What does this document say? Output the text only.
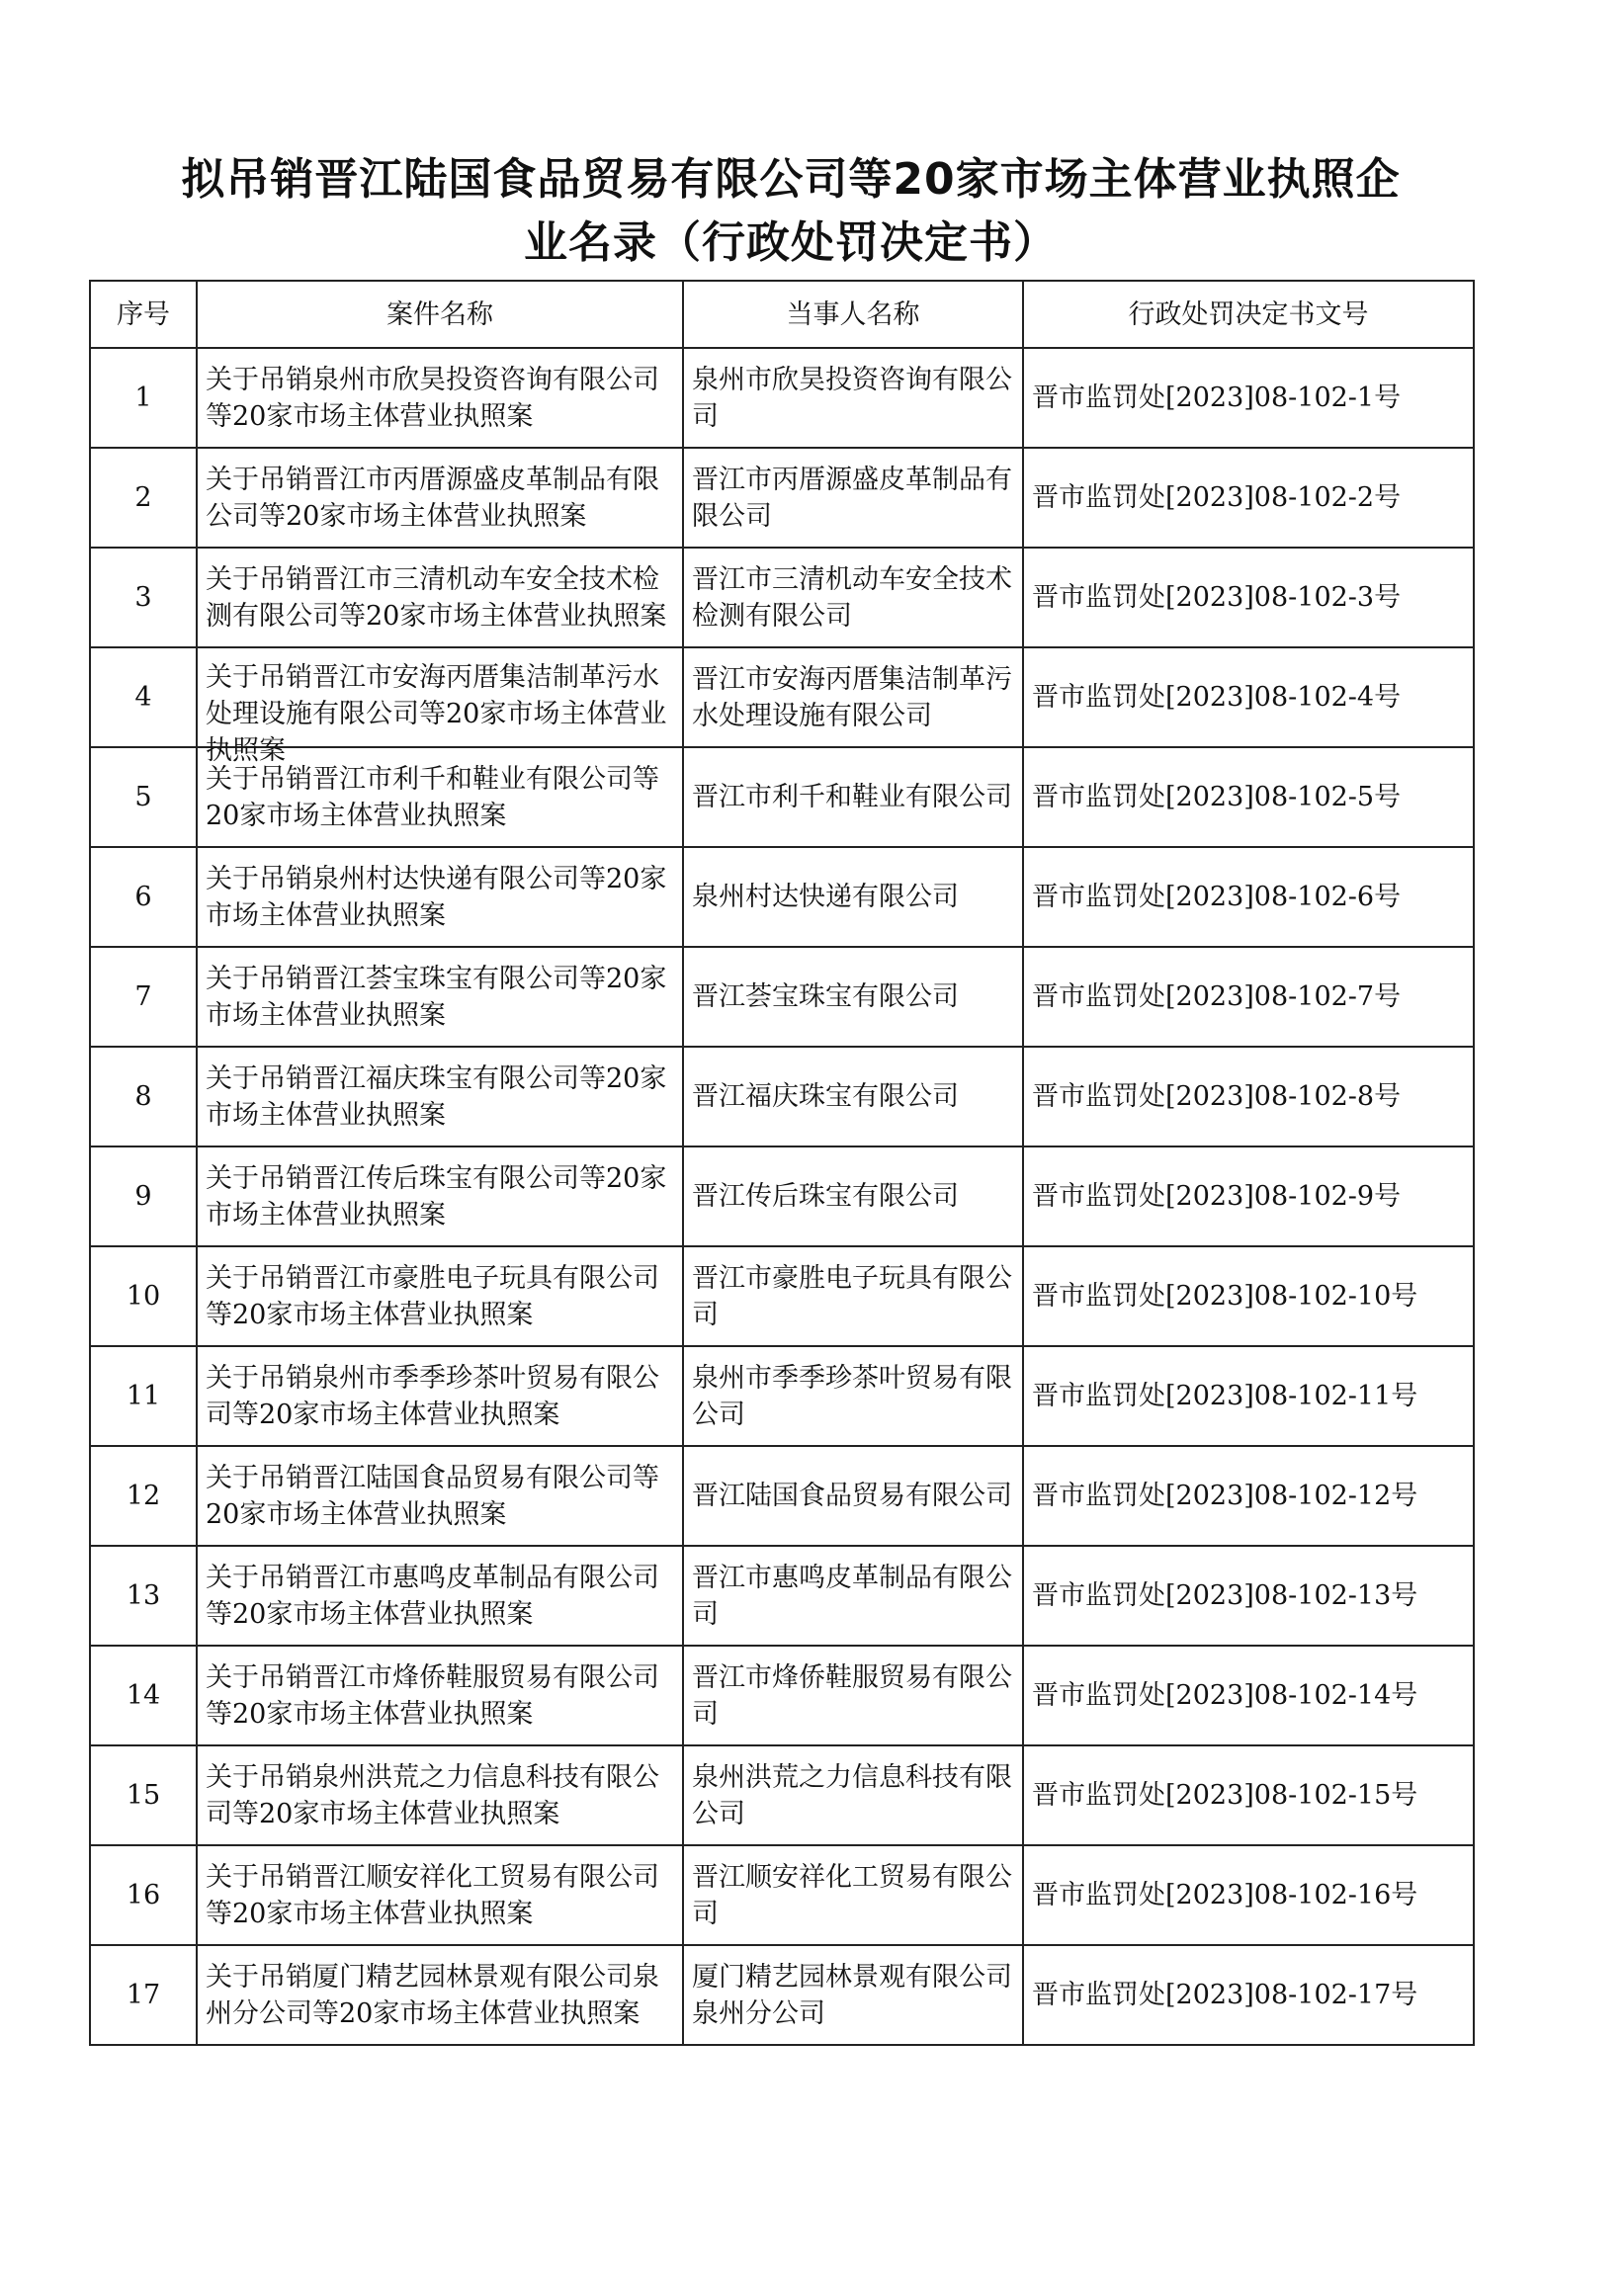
拟吊销晋江陆国食品贸易有限公司等20家市场主体营业执照企
业名录（行政处罚决定书）
序号	案件名称	当事人名称	行政处罚决定书文号

1	关于吊销泉州市欣昊投资咨询有限公司等20家市场主体营业执照案	泉州市欣昊投资咨询有限公司	晋市监罚处[2023]08-102-1号

2	关于吊销晋江市丙厝源盛皮革制品有限公司等20家市场主体营业执照案	晋江市丙厝源盛皮革制品有限公司	晋市监罚处[2023]08-102-2号

3	关于吊销晋江市三清机动车安全技术检测有限公司等20家市场主体营业执照案	晋江市三清机动车安全技术检测有限公司	晋市监罚处[2023]08-102-3号

4	关于吊销晋江市安海丙厝集洁制革污水处理设施有限公司等20家市场主体营业执照案	晋江市安海丙厝集洁制革污水处理设施有限公司	晋市监罚处[2023]08-102-4号

5	关于吊销晋江市利千和鞋业有限公司等20家市场主体营业执照案	晋江市利千和鞋业有限公司	晋市监罚处[2023]08-102-5号

6	关于吊销泉州村达快递有限公司等20家市场主体营业执照案	泉州村达快递有限公司	晋市监罚处[2023]08-102-6号

7	关于吊销晋江荟宝珠宝有限公司等20家市场主体营业执照案	晋江荟宝珠宝有限公司	晋市监罚处[2023]08-102-7号

8	关于吊销晋江福庆珠宝有限公司等20家市场主体营业执照案	晋江福庆珠宝有限公司	晋市监罚处[2023]08-102-8号

9	关于吊销晋江传后珠宝有限公司等20家市场主体营业执照案	晋江传后珠宝有限公司	晋市监罚处[2023]08-102-9号

10	关于吊销晋江市豪胜电子玩具有限公司等20家市场主体营业执照案	晋江市豪胜电子玩具有限公司	晋市监罚处[2023]08-102-10号

11	关于吊销泉州市季季珍茶叶贸易有限公司等20家市场主体营业执照案	泉州市季季珍茶叶贸易有限公司	晋市监罚处[2023]08-102-11号

12	关于吊销晋江陆国食品贸易有限公司等20家市场主体营业执照案	晋江陆国食品贸易有限公司	晋市监罚处[2023]08-102-12号

13	关于吊销晋江市惠鸣皮革制品有限公司等20家市场主体营业执照案	晋江市惠鸣皮革制品有限公司	晋市监罚处[2023]08-102-13号

14	关于吊销晋江市烽侨鞋服贸易有限公司等20家市场主体营业执照案	晋江市烽侨鞋服贸易有限公司	晋市监罚处[2023]08-102-14号

15	关于吊销泉州洪荒之力信息科技有限公司等20家市场主体营业执照案	泉州洪荒之力信息科技有限公司	晋市监罚处[2023]08-102-15号

16	关于吊销晋江顺安祥化工贸易有限公司等20家市场主体营业执照案	晋江顺安祥化工贸易有限公司	晋市监罚处[2023]08-102-16号

17	关于吊销厦门精艺园林景观有限公司泉州分公司等20家市场主体营业执照案	厦门精艺园林景观有限公司泉州分公司	晋市监罚处[2023]08-102-17号
